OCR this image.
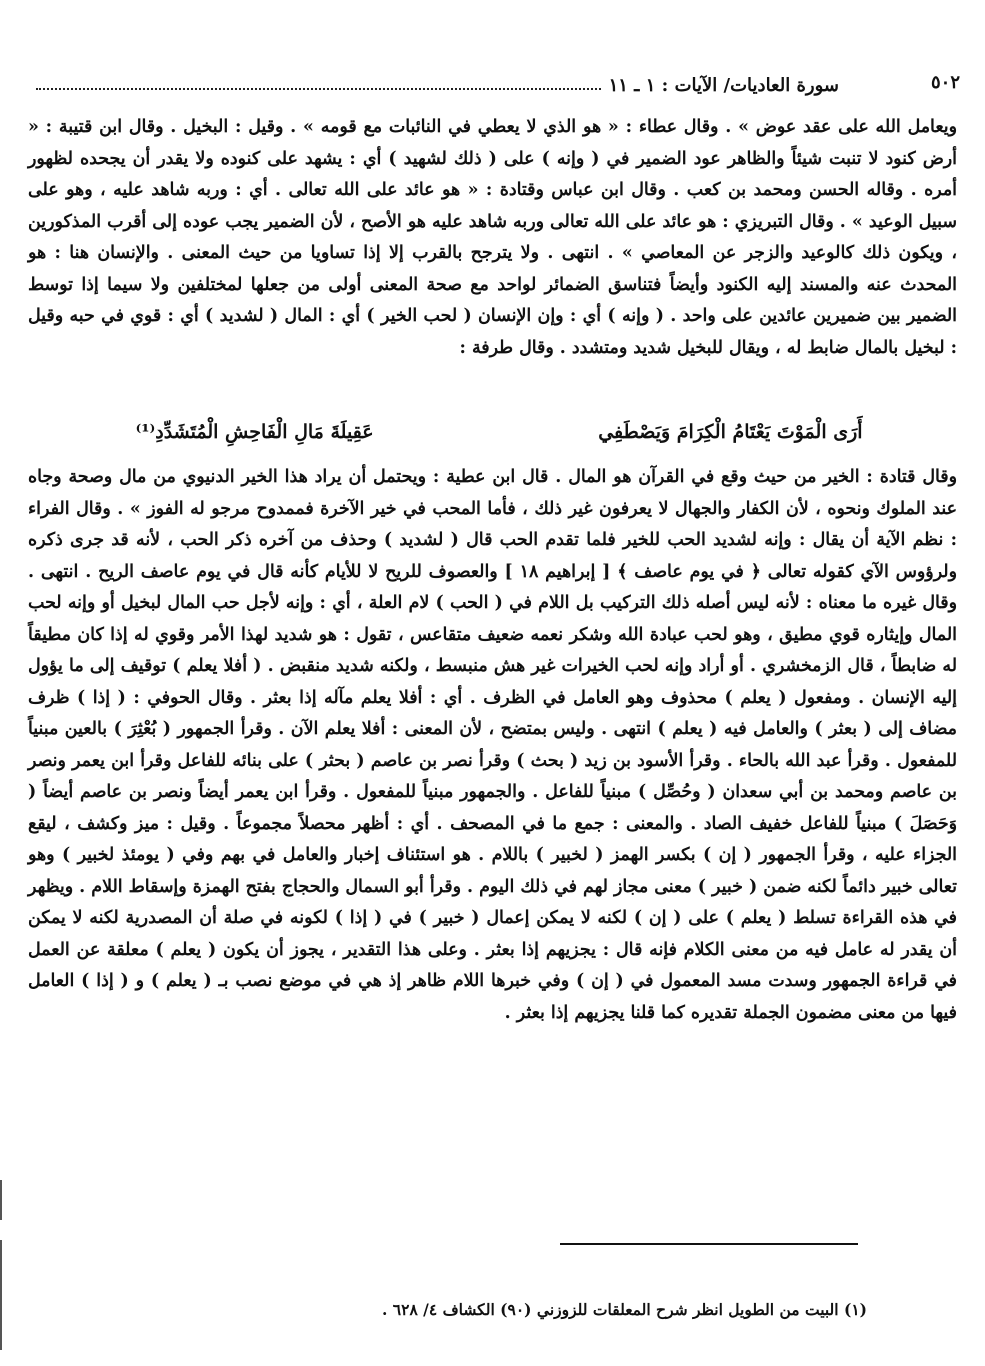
٥٠٢
سورة العاديات/ الآيات : ١ ـ ١١

ويعامل الله على عقد عوض » . وقال عطاء : « هو الذي لا يعطي في النائبات مع قومه » . وقيل : البخيل . وقال ابن قتيبة : « أرض كنود لا تنبت شيئاً والظاهر عود الضمير في ( وإنه ) على ( ذلك لشهيد ) أي : يشهد على كنوده ولا يقدر أن يجحده لظهور أمره . وقاله الحسن ومحمد بن كعب . وقال ابن عباس وقتادة : « هو عائد على الله تعالى . أي : وربه شاهد عليه ، وهو على سبيل الوعيد » . وقال التبريزي : هو عائد على الله تعالى وربه شاهد عليه هو الأصح ، لأن الضمير يجب عوده إلى أقرب المذكورين ، ويكون ذلك كالوعيد والزجر عن المعاصي » . انتهى . ولا يترجح بالقرب إلا إذا تساويا من حيث المعنى . والإنسان هنا : هو المحدث عنه والمسند إليه الكنود وأيضاً فتناسق الضمائر لواحد مع صحة المعنى أولى من جعلها لمختلفين ولا سيما إذا توسط الضمير بين ضميرين عائدين على واحد . ( وإنه ) أي : وإن الإنسان ( لحب الخير ) أي : المال ( لشديد ) أي : قوي في حبه وقيل : لبخيل بالمال ضابط له ، ويقال للبخيل شديد ومتشدد . وقال طرفة :

أَرَى الْمَوْتَ يَعْتَامُ الْكِرَامَ وَيَصْطَفِي
عَقِيلَةَ مَالِ الْفَاحِشِ الْمُتَشَدِّدِ⁽¹⁾

وقال قتادة : الخير من حيث وقع في القرآن هو المال . قال ابن عطية : ويحتمل أن يراد هذا الخير الدنيوي من مال وصحة وجاه عند الملوك ونحوه ، لأن الكفار والجهال لا يعرفون غير ذلك ، فأما المحب في خير الآخرة فممدوح مرجو له الفوز » . وقال الفراء : نظم الآية أن يقال : وإنه لشديد الحب للخير فلما تقدم الحب قال ( لشديد ) وحذف من آخره ذكر الحب ، لأنه قد جرى ذكره ولرؤوس الآي كقوله تعالى ﴿ في يوم عاصف ﴾ [ إبراهيم ١٨ ] والعصوف للريح لا للأيام كأنه قال في يوم عاصف الريح . انتهى . وقال غيره ما معناه : لأنه ليس أصله ذلك التركيب بل اللام في ( الحب ) لام العلة ، أي : وإنه لأجل حب المال لبخيل أو وإنه لحب المال وإيثاره قوي مطيق ، وهو لحب عبادة الله وشكر نعمه ضعيف متقاعس ، تقول : هو شديد لهذا الأمر وقوي له إذا كان مطيقاً له ضابطاً ، قال الزمخشري . أو أراد وإنه لحب الخيرات غير هش منبسط ، ولكنه شديد منقبض . ( أفلا يعلم ) توقيف إلى ما يؤول إليه الإنسان . ومفعول ( يعلم ) محذوف وهو العامل في الظرف . أي : أفلا يعلم مآله إذا بعثر . وقال الحوفي : ( إذا ) ظرف مضاف إلى ( بعثر ) والعامل فيه ( يعلم ) انتهى . وليس بمتضح ، لأن المعنى : أفلا يعلم الآن . وقرأ الجمهور ( بُعْثِرَ ) بالعين مبنياً للمفعول . وقرأ عبد الله بالحاء . وقرأ الأسود بن زيد ( بحث ) وقرأ نصر بن عاصم ( بحثر ) على بنائه للفاعل وقرأ ابن يعمر ونصر بن عاصم ومحمد بن أبي سعدان ( وحُصِّل ) مبنياً للفاعل . والجمهور مبنياً للمفعول . وقرأ ابن يعمر أيضاً ونصر بن عاصم أيضاً ( وَحَصَلَ ) مبنياً للفاعل خفيف الصاد . والمعنى : جمع ما في المصحف . أي : أظهر محصلاً مجموعاً . وقيل : ميز وكشف ، ليقع الجزاء عليه ، وقرأ الجمهور ( إن ) بكسر الهمز ( لخبير ) باللام . هو استئناف إخبار والعامل في بهم وفي ( يومئذ لخبير ) وهو تعالى خبير دائماً لكنه ضمن ( خبير ) معنى مجاز لهم في ذلك اليوم . وقرأ أبو السمال والحجاج بفتح الهمزة وإسقاط اللام . ويظهر في هذه القراءة تسلط ( يعلم ) على ( إن ) لكنه لا يمكن إعمال ( خبير ) في ( إذا ) لكونه في صلة أن المصدرية لكنه لا يمكن أن يقدر له عامل فيه من معنى الكلام فإنه قال : يجزيهم إذا بعثر . وعلى هذا التقدير ، يجوز أن يكون ( يعلم ) معلقة عن العمل في قراءة الجمهور وسدت مسد المعمول في ( إن ) وفي خبرها اللام ظاهر إذ هي في موضع نصب بـ ( يعلم ) و ( إذا ) العامل فيها من معنى مضمون الجملة تقديره كما قلنا يجزيهم إذا بعثر .

(١) البيت من الطويل انظر شرح المعلقات للزوزني (٩٠) الكشاف ٤/ ٦٢٨ .
